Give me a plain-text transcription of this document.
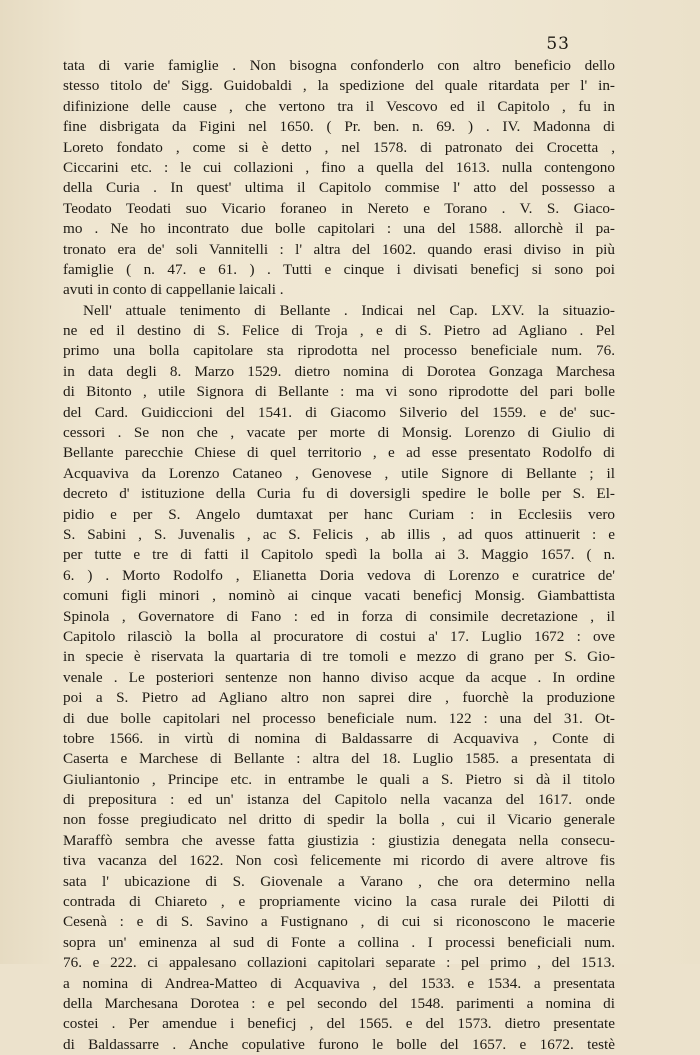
53
tata di varie famiglie . Non bisogna confonderlo con altro beneficio dello
stesso titolo de' Sigg. Guidobaldi , la spedizione del quale ritardata per l' in-
difinizione delle cause , che vertono tra il Vescovo ed il Capitolo , fu in
fine disbrigata da Figini nel 1650. ( Pr. ben. n. 69. ) . IV. Madonna di
Loreto fondato , come si è detto , nel 1578. di patronato dei Crocetta ,
Ciccarini etc. : le cui collazioni , fino a quella del 1613. nulla contengono
della Curia . In quest' ultima il Capitolo commise l' atto del possesso a
Teodato Teodati suo Vicario foraneo in Nereto e Torano . V. S. Giaco-
mo . Ne ho incontrato due bolle capitolari : una del 1588. allorchè il pa-
tronato era de' soli Vannitelli : l' altra del 1602. quando erasi diviso in più
famiglie ( n. 47. e 61. ) . Tutti e cinque i divisati beneficj si sono poi
avuti in conto di cappellanie laicali .
Nell' attuale tenimento di Bellante . Indicai nel Cap. LXV. la situazio-
ne ed il destino di S. Felice di Troja , e di S. Pietro ad Agliano . Pel
primo una bolla capitolare sta riprodotta nel processo beneficiale num. 76.
in data degli 8. Marzo 1529. dietro nomina di Dorotea Gonzaga Marchesa
di Bitonto , utile Signora di Bellante : ma vi sono riprodotte del pari bolle
del Card. Guidiccioni del 1541. di Giacomo Silverio del 1559. e de' suc-
cessori . Se non che , vacate per morte di Monsig. Lorenzo di Giulio di
Bellante parecchie Chiese di quel territorio , e ad esse presentato Rodolfo di
Acquaviva da Lorenzo Cataneo , Genovese , utile Signore di Bellante ; il
decreto d' istituzione della Curia fu di doversigli spedire le bolle per S. El-
pidio e per S. Angelo dumtaxat per hanc Curiam : in Ecclesiis vero
S. Sabini , S. Juvenalis , ac S. Felicis , ab illis , ad quos attinuerit : e
per tutte e tre di fatti il Capitolo spedì la bolla ai 3. Maggio 1657. ( n.
6. ) . Morto Rodolfo , Elianetta Doria vedova di Lorenzo e curatrice de'
comuni figli minori , nominò ai cinque vacati beneficj Monsig. Giambattista
Spinola , Governatore di Fano : ed in forza di consimile decretazione , il
Capitolo rilasciò la bolla al procuratore di costui a' 17. Luglio 1672 : ove
in specie è riservata la quartaria di tre tomoli e mezzo di grano per S. Gio-
venale . Le posteriori sentenze non hanno diviso acque da acque . In ordine
poi a S. Pietro ad Agliano altro non saprei dire , fuorchè la produzione
di due bolle capitolari nel processo beneficiale num. 122 : una del 31. Ot-
tobre 1566. in virtù di nomina di Baldassarre di Acquaviva , Conte di
Caserta e Marchese di Bellante : altra del 18. Luglio 1585. a presentata di
Giuliantonio , Principe etc. in entrambe le quali a S. Pietro si dà il titolo
di prepositura : ed un' istanza del Capitolo nella vacanza del 1617. onde
non fosse pregiudicato nel dritto di spedir la bolla , cui il Vicario generale
Maraffò sembra che avesse fatta giustizia : giustizia denegata nella consecu-
tiva vacanza del 1622. Non così felicemente mi ricordo di avere altrove fis
sata l' ubicazione di S. Giovenale a Varano , che ora determino nella
contrada di Chiareto , e propriamente vicino la casa rurale dei Pilotti di
Cesenà : e di S. Savino a Fustignano , di cui si riconoscono le macerie
sopra un' eminenza al sud di Fonte a collina . I processi beneficiali num.
76. e 222. ci appalesano collazioni capitolari separate : pel primo , del 1513.
a nomina di Andrea-Matteo di Acquaviva , del 1533. e 1534. a presentata
della Marchesana Dorotea : e pel secondo del 1548. parimenti a nomina di
costei . Per amendue i beneficj , del 1565. e del 1573. dietro presentate
di Baldassarre . Anche copulative furono le bolle del 1657. e 1672. testè
